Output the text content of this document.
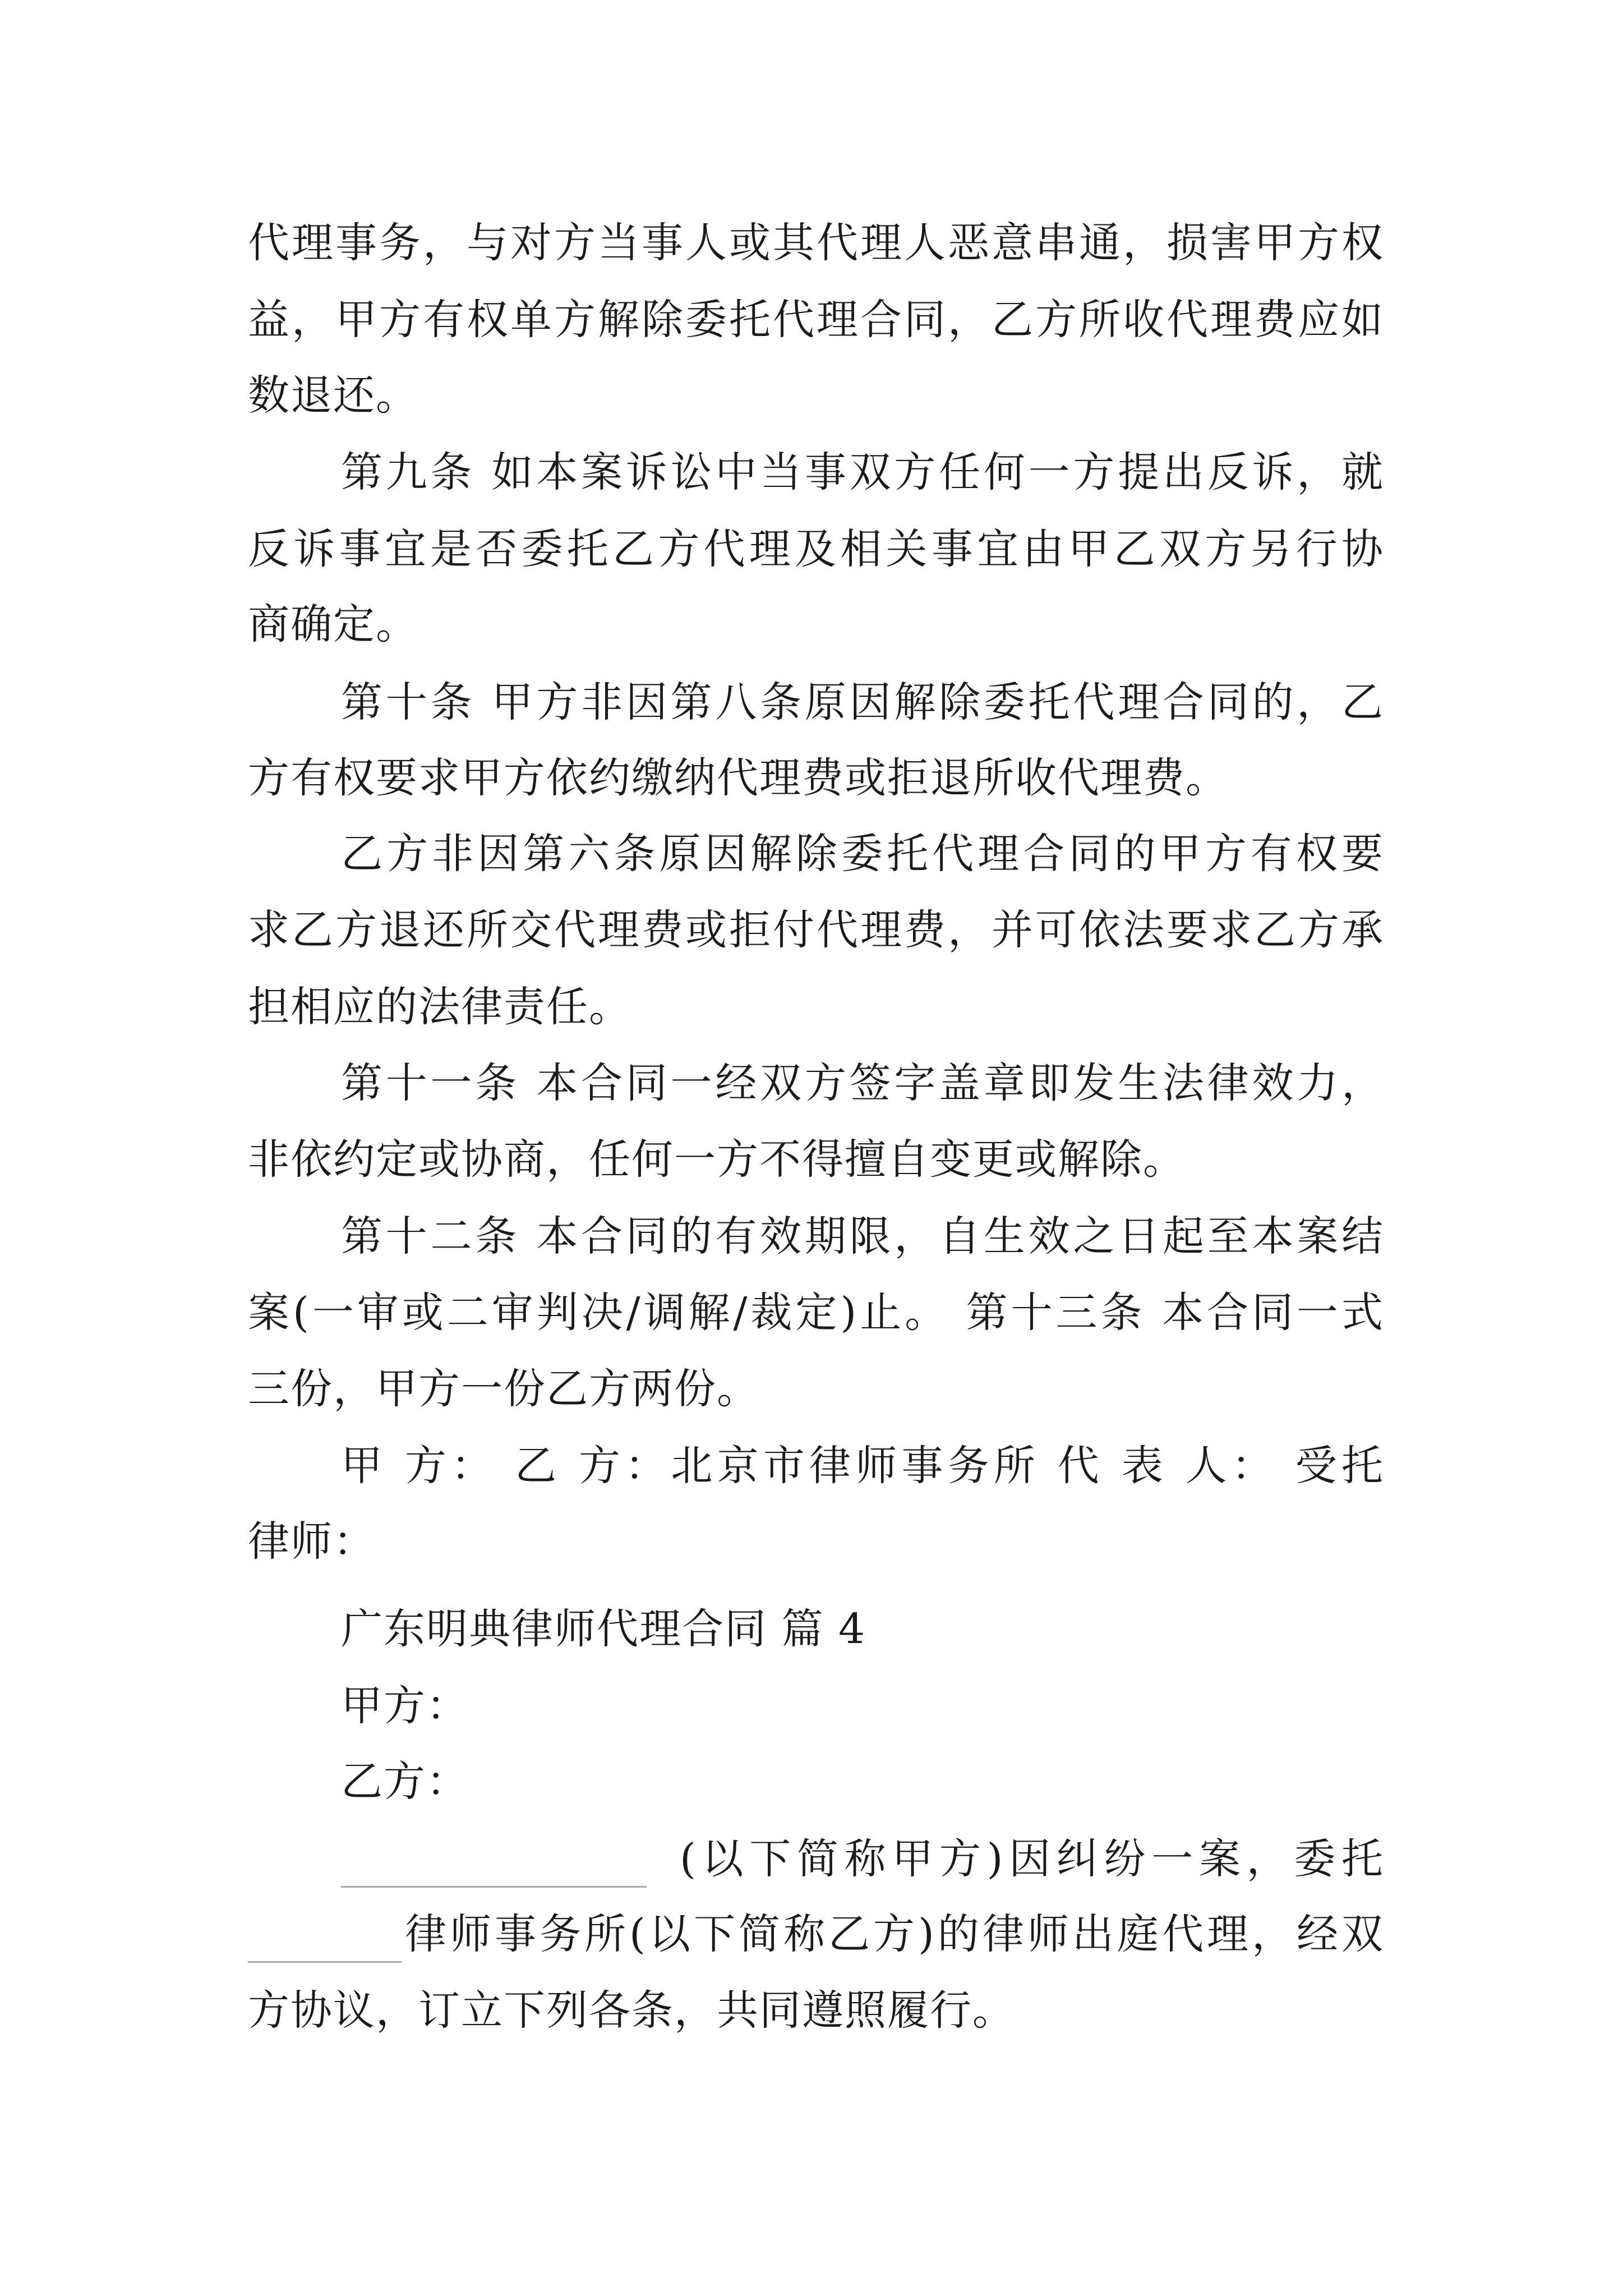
代理事务，与对方当事人或其代理人恶意串通，损害甲方权
益，甲方有权单方解除委托代理合同，乙方所收代理费应如
数退还。
第九条 如本案诉讼中当事双方任何一方提出反诉，就
反诉事宜是否委托乙方代理及相关事宜由甲乙双方另行协
商确定。
第十条 甲方非因第八条原因解除委托代理合同的，乙
方有权要求甲方依约缴纳代理费或拒退所收代理费。
乙方非因第六条原因解除委托代理合同的甲方有权要
求乙方退还所交代理费或拒付代理费，并可依法要求乙方承
担相应的法律责任。
第十一条 本合同一经双方签字盖章即发生法律效力，
非依约定或协商，任何一方不得擅自变更或解除。
第十二条 本合同的有效期限，自生效之日起至本案结
案(一审或二审判决/调解/裁定)止。 第十三条 本合同一式
三份，甲方一份乙方两份。
甲 方： 乙 方：北京市律师事务所 代 表 人： 受托
律师：
广东明典律师代理合同 篇 4
甲方：
乙方：
(以下简称甲方)因纠纷一案，委托
律师事务所(以下简称乙方)的律师出庭代理，经双
方协议，订立下列各条，共同遵照履行。
